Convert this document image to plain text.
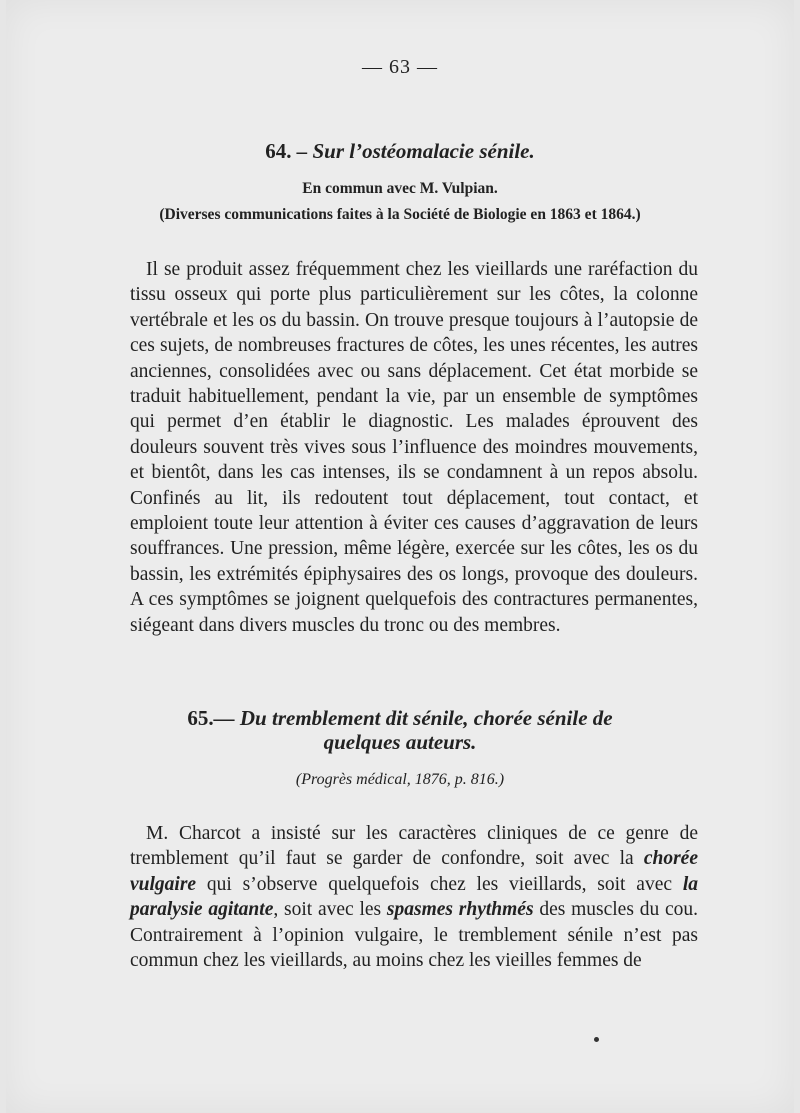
— 63 —
64. – Sur l’ostéomalacie sénile.
En commun avec M. Vulpian.
(Diverses communications faites à la Société de Biologie en 1863 et 1864.)

Il se produit assez fréquemment chez les vieillards une raréfaction du tissu osseux qui porte plus particulièrement sur les côtes, la colonne vertébrale et les os du bassin. On trouve presque toujours à l’autopsie de ces sujets, de nombreuses fractures de côtes, les unes récentes, les autres anciennes, consolidées avec ou sans déplacement. Cet état morbide se traduit habituellement, pendant la vie, par un ensemble de symptômes qui permet d’en établir le diagnostic. Les malades éprouvent des douleurs souvent très vives sous l’influence des moindres mouvements, et bientôt, dans les cas intenses, ils se condamnent à un repos absolu. Confinés au lit, ils redoutent tout déplacement, tout contact, et emploient toute leur attention à éviter ces causes d’aggravation de leurs souffrances. Une pression, même légère, exercée sur les côtes, les os du bassin, les extrémités épiphysaires des os longs, provoque des douleurs. A ces symptômes se joignent quelquefois des contractures permanentes, siégeant dans divers muscles du tronc ou des membres.

65.— Du tremblement dit sénile, chorée sénile de quelques auteurs.
(Progrès médical, 1876, p. 816.)

M. Charcot a insisté sur les caractères cliniques de ce genre de tremblement qu’il faut se garder de confondre, soit avec la chorée vulgaire qui s’observe quelquefois chez les vieillards, soit avec la paralysie agitante, soit avec les spasmes rhythmés des muscles du cou. Contrairement à l’opinion vulgaire, le tremblement sénile n’est pas commun chez les vieillards, au moins chez les vieilles femmes de
